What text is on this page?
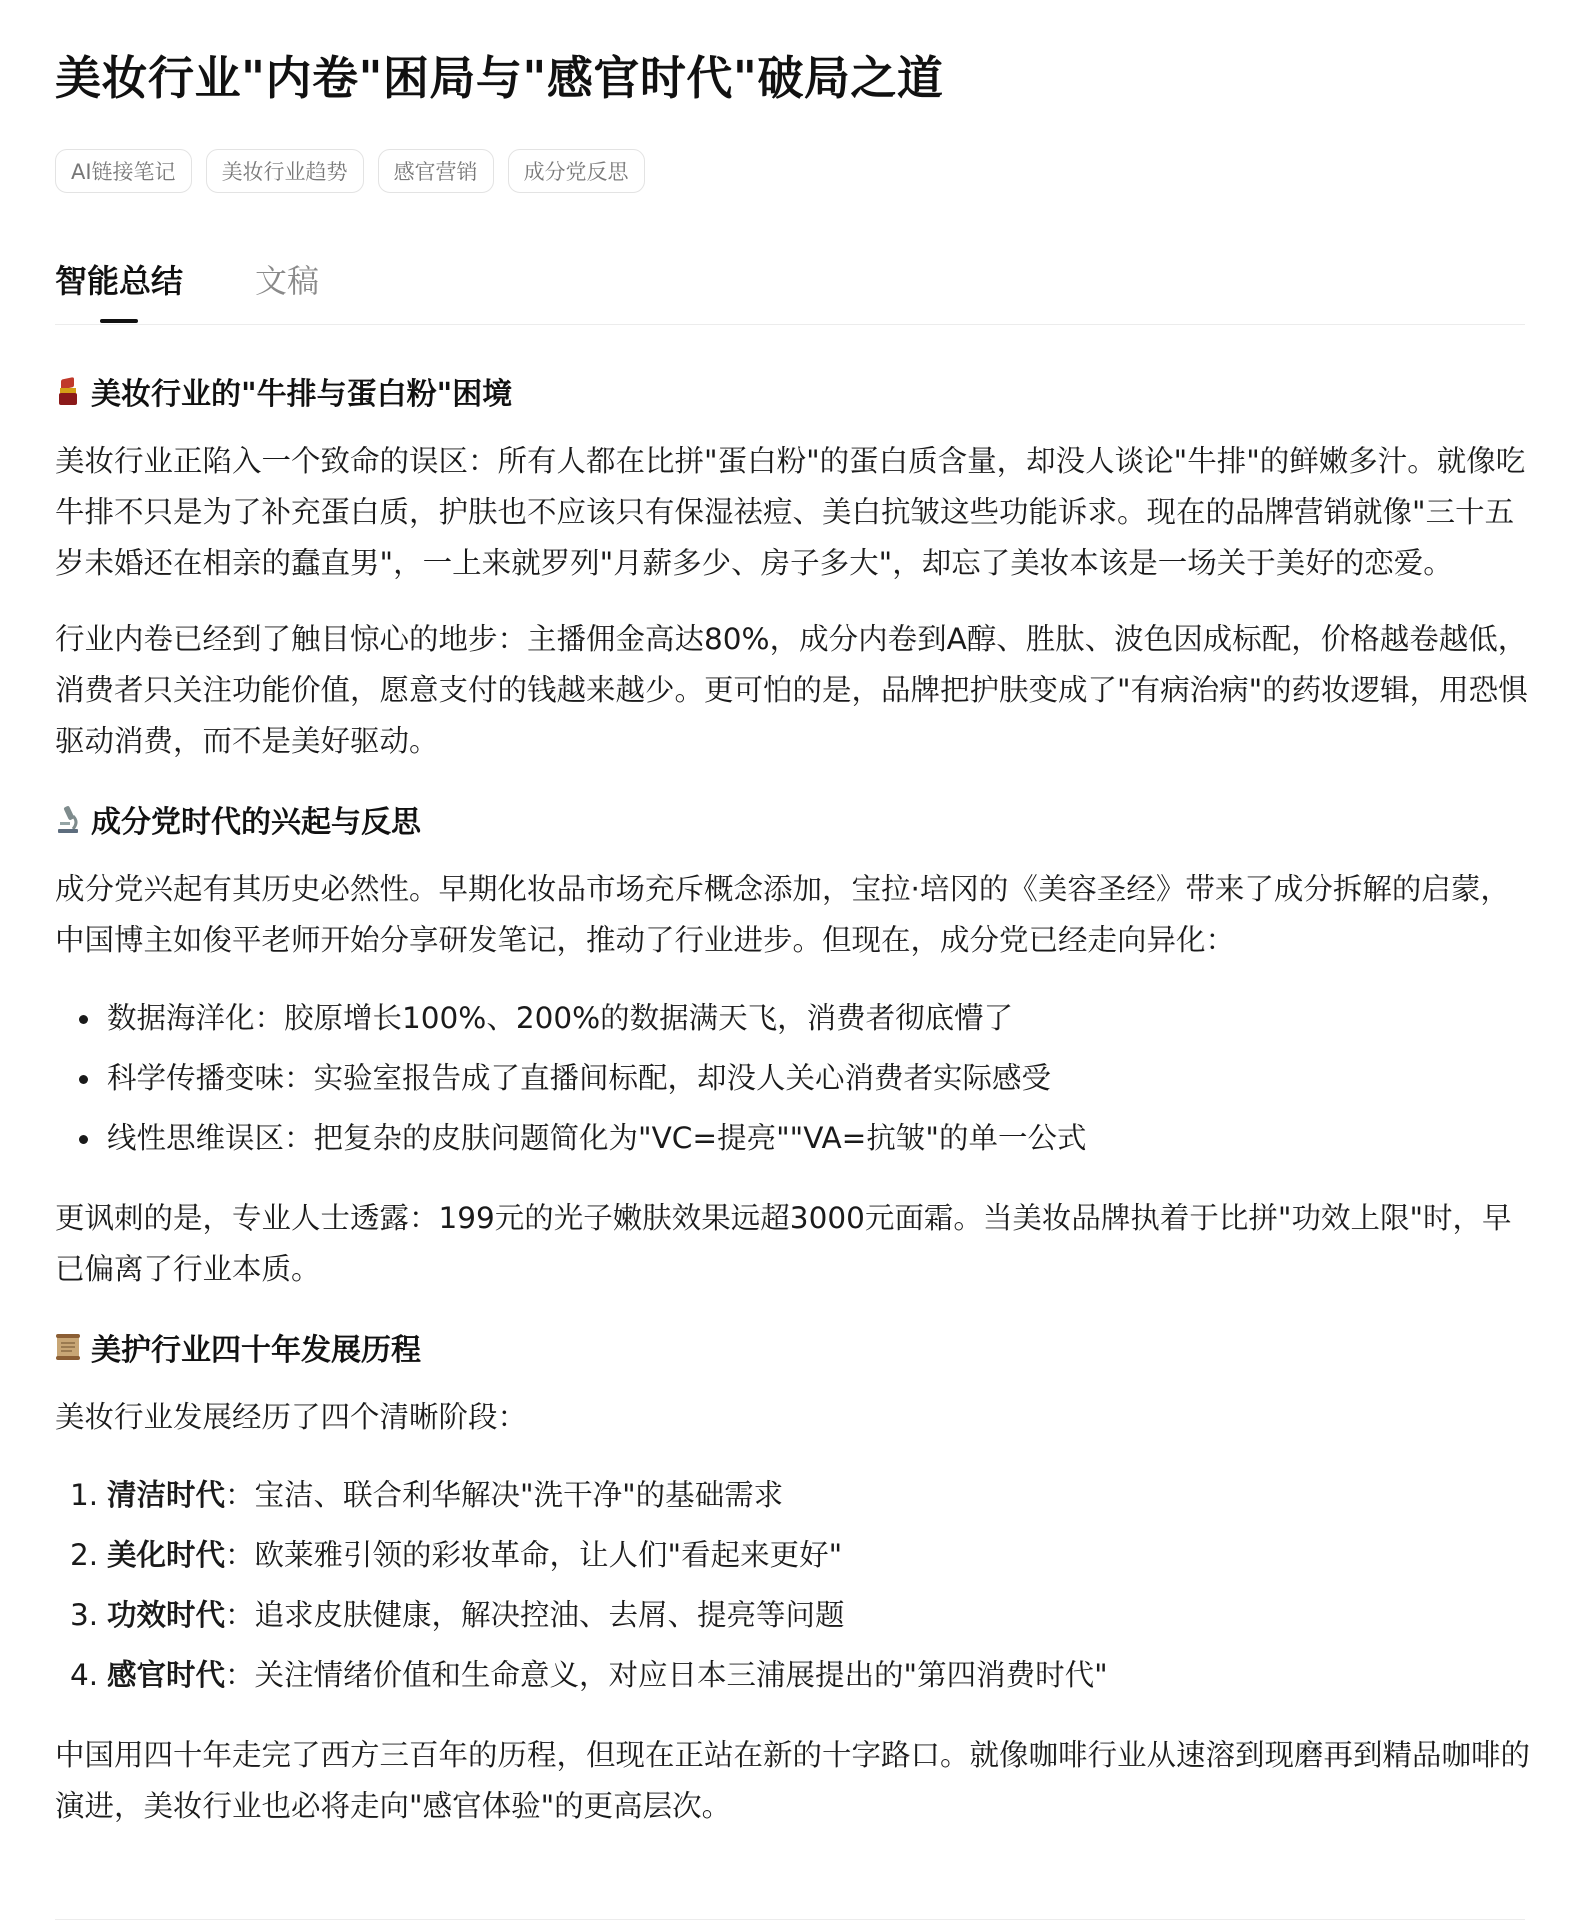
美妆行业"内卷"困局与"感官时代"破局之道
AI链接笔记	美妆行业趋势	感官营销	成分党反思
智能总结	文稿
美妆行业的"牛排与蛋白粉"困境

美妆行业正陷入一个致命的误区：所有人都在比拼"蛋白粉"的蛋白质含量，却没人谈论"牛排"的鲜嫩多汁。就像吃牛排不只是为了补充蛋白质，护肤也不应该只有保湿祛痘、美白抗皱这些功能诉求。现在的品牌营销就像"三十五岁未婚还在相亲的蠢直男"，一上来就罗列"月薪多少、房子多大"，却忘了美妆本该是一场关于美好的恋爱。

行业内卷已经到了触目惊心的地步：主播佣金高达80%，成分内卷到A醇、胜肽、波色因成标配，价格越卷越低，消费者只关注功能价值，愿意支付的钱越来越少。更可怕的是，品牌把护肤变成了"有病治病"的药妆逻辑，用恐惧驱动消费，而不是美好驱动。

成分党时代的兴起与反思

成分党兴起有其历史必然性。早期化妆品市场充斥概念添加，宝拉·培冈的《美容圣经》带来了成分拆解的启蒙，中国博主如俊平老师开始分享研发笔记，推动了行业进步。但现在，成分党已经走向异化：

数据海洋化：胶原增长100%、200%的数据满天飞，消费者彻底懵了
科学传播变味：实验室报告成了直播间标配，却没人关心消费者实际感受
线性思维误区：把复杂的皮肤问题简化为"VC=提亮""VA=抗皱"的单一公式

更讽刺的是，专业人士透露：199元的光子嫩肤效果远超3000元面霜。当美妆品牌执着于比拼"功效上限"时，早已偏离了行业本质。

美护行业四十年发展历程

美妆行业发展经历了四个清晰阶段：

1. 清洁时代：宝洁、联合利华解决"洗干净"的基础需求
2. 美化时代：欧莱雅引领的彩妆革命，让人们"看起来更好"
3. 功效时代：追求皮肤健康，解决控油、去屑、提亮等问题
4. 感官时代：关注情绪价值和生命意义，对应日本三浦展提出的"第四消费时代"

中国用四十年走完了西方三百年的历程，但现在正站在新的十字路口。就像咖啡行业从速溶到现磨再到精品咖啡的演进，美妆行业也必将走向"感官体验"的更高层次。
